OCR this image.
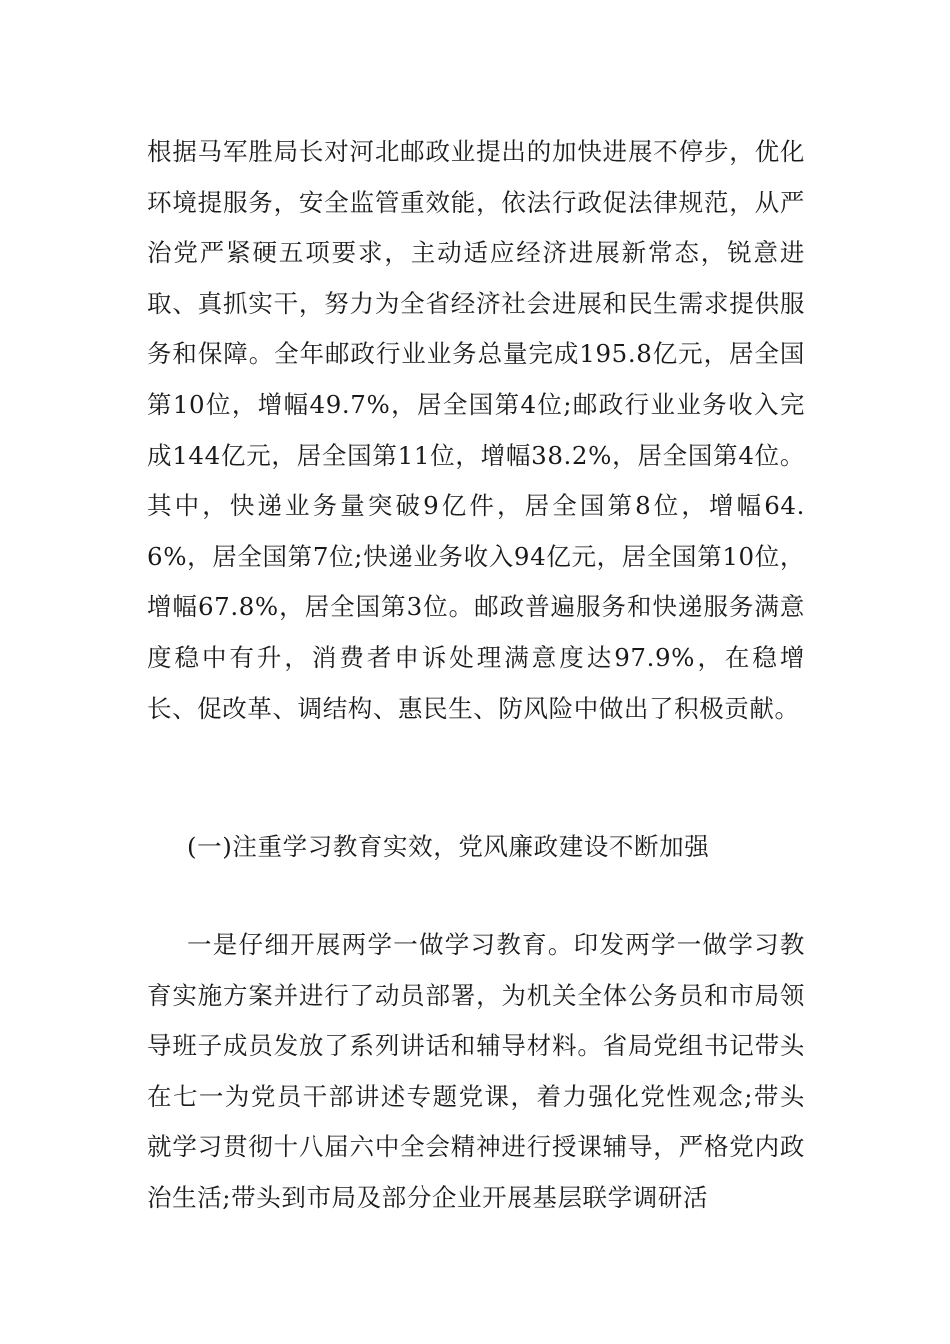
根据马军胜局长对河北邮政业提出的加快进展不停步，优化环境提服务，安全监管重效能，依法行政促法律规范，从严治党严紧硬五项要求，主动适应经济进展新常态，锐意进取、真抓实干，努力为全省经济社会进展和民生需求提供服务和保障。全年邮政行业业务总量完成195.8亿元，居全国第10位，增幅49.7%，居全国第4位;邮政行业业务收入完成144亿元，居全国第11位，增幅38.2%，居全国第4位。其中，快递业务量突破9亿件，居全国第8位，增幅64.6%，居全国第7位;快递业务收入94亿元，居全国第10位，增幅67.8%，居全国第3位。邮政普遍服务和快递服务满意度稳中有升，消费者申诉处理满意度达97.9%，在稳增长、促改革、调结构、惠民生、防风险中做出了积极贡献。

(一)注重学习教育实效，党风廉政建设不断加强

一是仔细开展两学一做学习教育。印发两学一做学习教育实施方案并进行了动员部署，为机关全体公务员和市局领导班子成员发放了系列讲话和辅导材料。省局党组书记带头在七一为党员干部讲述专题党课，着力强化党性观念;带头就学习贯彻十八届六中全会精神进行授课辅导，严格党内政治生活;带头到市局及部分企业开展基层联学调研活
